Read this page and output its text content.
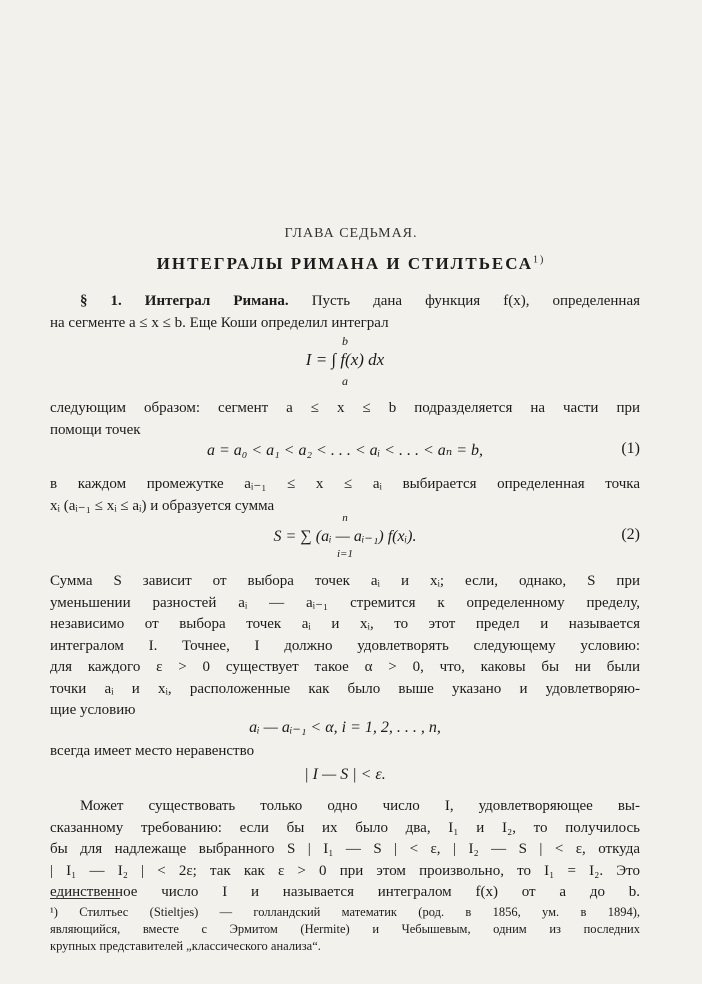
ГЛАВА СЕДЬМАЯ.
ИНТЕГРАЛЫ РИМАНА И СТИЛТЬЕСА$^{1)}$
§ 1. Интеграл Римана. Пусть дана функция f(x), определенная
на сегменте a ≤ x ≤ b. Еще Коши определил интеграл
b
I = ∫ f(x) dx
a
следующим образом: сегмент a ≤ x ≤ b подразделяется на части при
помощи точек
a = a₀ < a₁ < a₂ < . . . < aᵢ < . . . < aₙ = b,	(1)
в каждом промежутке aᵢ₋₁ ≤ x ≤ aᵢ выбирается определенная точка
xᵢ (aᵢ₋₁ ≤ xᵢ ≤ aᵢ) и образуется сумма
n
S = ∑ (aᵢ — aᵢ₋₁) f(xᵢ).
i=1
(2)
Сумма S зависит от выбора точек aᵢ и xᵢ; если, однако, S при
уменьшении разностей aᵢ — aᵢ₋₁ стремится к определенному пределу,
независимо от выбора точек aᵢ и xᵢ, то этот предел и называется
интегралом I. Точнее, I должно удовлетворять следующему условию:
для каждого ε > 0 существует такое α > 0, что, каковы бы ни были
точки aᵢ и xᵢ, расположенные как было выше указано и удовлетворяю-
щие условию
aᵢ — aᵢ₋₁ < α, i = 1, 2, . . . , n,
всегда имеет место неравенство
| I — S | < ε.
Может существовать только одно число I, удовлетворяющее вы-
сказанному требованию: если бы их было два, I₁ и I₂, то получилось
бы для надлежаще выбранного S | I₁ — S | < ε, | I₂ — S | < ε, откуда
| I₁ — I₂ | < 2ε; так как ε > 0 при этом произвольно, то I₁ = I₂. Это
единственное число I и называется интегралом f(x) от a до b.
¹) Стилтьес (Stieltjes) — голландский математик (род. в 1856, ум. в 1894),
являющийся, вместе с Эрмитом (Hermite) и Чебышевым, одним из последних
крупных представителей „классического анализа“.
